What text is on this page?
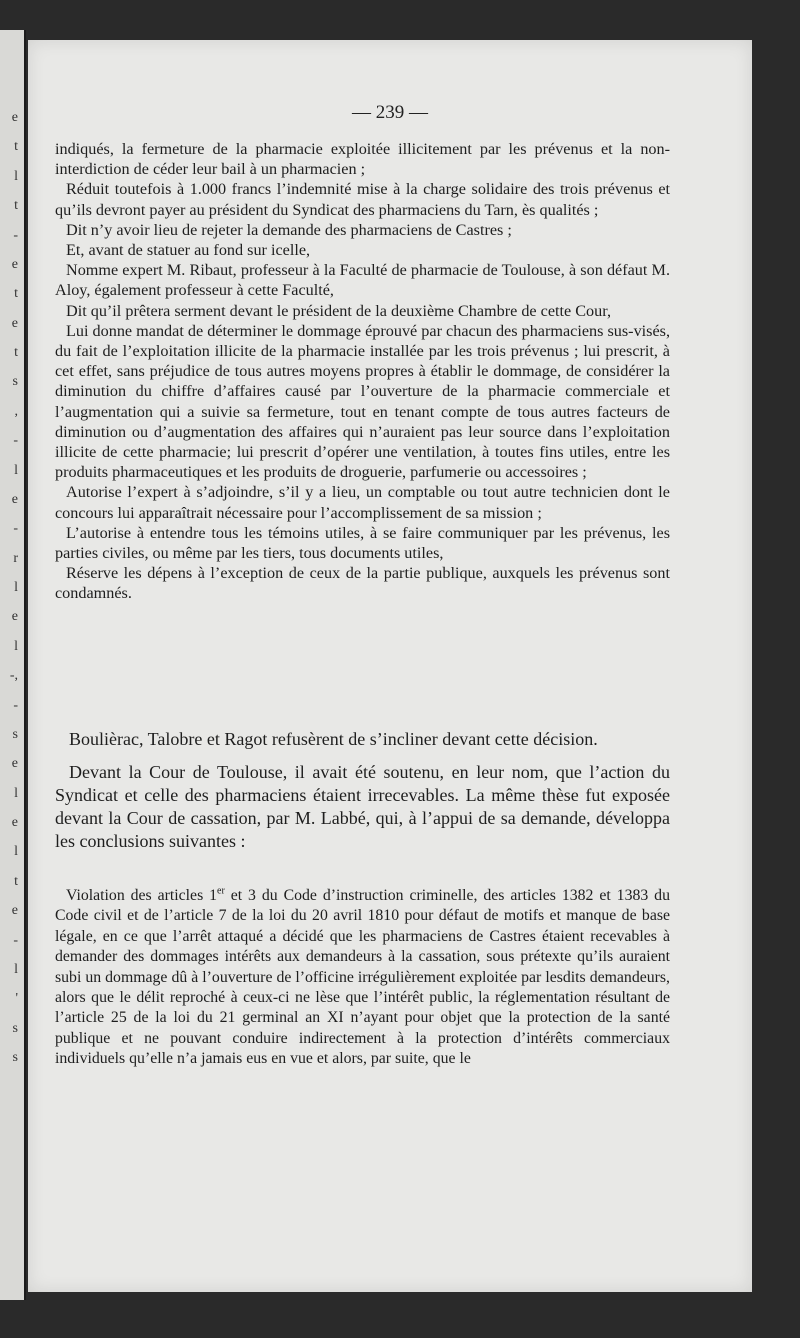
e
t
l
t
-
e
t
e
t
s
,
-
l
e
-
r
l
e
l
-,
-
s
e
l
e
l
t
e
-
l
'
s
s
— 239 —

indiqués, la fermeture de la pharmacie exploitée illicitement par les prévenus et la non-interdiction de céder leur bail à un pharmacien ;

Réduit toutefois à 1.000 francs l’indemnité mise à la charge solidaire des trois prévenus et qu’ils devront payer au président du Syndicat des pharmaciens du Tarn, ès qualités ;

Dit n’y avoir lieu de rejeter la demande des pharmaciens de Castres ;

Et, avant de statuer au fond sur icelle,

Nomme expert M. Ribaut, professeur à la Faculté de pharmacie de Toulouse, à son défaut M. Aloy, également professeur à cette Faculté,

Dit qu’il prêtera serment devant le président de la deuxième Chambre de cette Cour,

Lui donne mandat de déterminer le dommage éprouvé par chacun des pharmaciens sus-visés, du fait de l’exploitation illicite de la pharmacie installée par les trois prévenus ; lui prescrit, à cet effet, sans préjudice de tous autres moyens propres à établir le dommage, de considérer la diminution du chiffre d’affaires causé par l’ouverture de la pharmacie commerciale et l’augmentation qui a suivie sa fermeture, tout en tenant compte de tous autres facteurs de diminution ou d’augmentation des affaires qui n’auraient pas leur source dans l’exploitation illicite de cette pharmacie; lui prescrit d’opérer une ventilation, à toutes fins utiles, entre les produits pharmaceutiques et les produits de droguerie, parfumerie ou accessoires ;

Autorise l’expert à s’adjoindre, s’il y a lieu, un comptable ou tout autre technicien dont le concours lui apparaîtrait nécessaire pour l’accomplissement de sa mission ;

L’autorise à entendre tous les témoins utiles, à se faire communiquer par les prévenus, les parties civiles, ou même par les tiers, tous documents utiles,

Réserve les dépens à l’exception de ceux de la partie publique, auxquels les prévenus sont condamnés.

Boulièrac, Talobre et Ragot refusèrent de s’incliner devant cette décision.

Devant la Cour de Toulouse, il avait été soutenu, en leur nom, que l’action du Syndicat et celle des pharmaciens étaient irrecevables. La même thèse fut exposée devant la Cour de cassation, par M. Labbé, qui, à l’appui de sa demande, développa les conclusions suivantes :

Violation des articles 1er et 3 du Code d’instruction criminelle, des articles 1382 et 1383 du Code civil et de l’article 7 de la loi du 20 avril 1810 pour défaut de motifs et manque de base légale, en ce que l’arrêt attaqué a décidé que les pharmaciens de Castres étaient recevables à demander des dommages intérêts aux demandeurs à la cassation, sous prétexte qu’ils auraient subi un dommage dû à l’ouverture de l’officine irrégulièrement exploitée par lesdits demandeurs, alors que le délit reproché à ceux-ci ne lèse que l’intérêt public, la réglementation résultant de l’article 25 de la loi du 21 germinal an XI n’ayant pour objet que la protection de la santé publique et ne pouvant conduire indirectement à la protection d’intérêts commerciaux individuels qu’elle n’a jamais eus en vue et alors, par suite, que le
